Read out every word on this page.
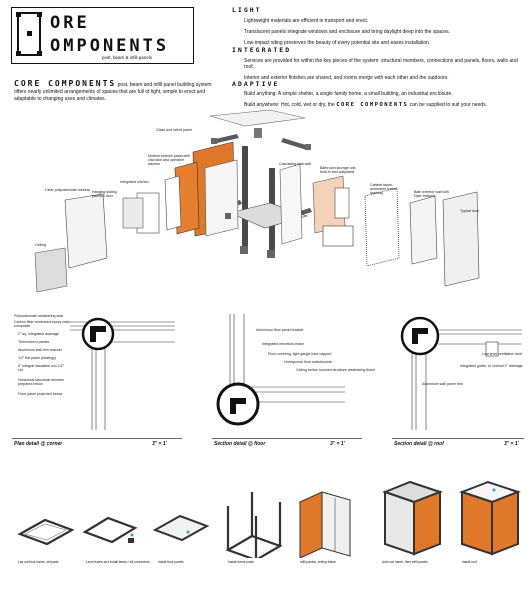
ORE
OMPONENTS
post, beam & infill panels
LIGHT
Lightweight materials are efficient in transport and erect.
Translucent panels integrate windows and enclosure and bring daylight deep into the spaces.
Low-impact siting preserves the beauty of every potential site and eases installation.
INTEGRATED
Services are provided for within the key pieces of the system: structural members, connections and panels, floors, walls and roof.
Interior and exterior finishes are shared, and rooms merge with each other and the outdoors.
ADAPTIVE
Build anything: A simple shelter, a single family home, a small building, an industrial enclosure.
Build anywhere: Hot, cold, wet or dry, the CORE COMPONENTS can be supplied to suit your needs.
CORE COMPONENTS post, beam and infill panel building system offers nearly unlimited arrangements of spaces that are full of light, simple to erect and adaptable to changing uses and climates.
Glass and laterd panel
Modest exterior panel with clad skin and operable window
Integrated kitchen
Clear polycarbonate window Hanging sliding partition door
Ceiling
Cascading stair wall
Bathroom storage unit, built-in and adaptable
Cabinet faces, aluminium frame drawing	Bath exterior wall with Dyer-Haskell
Typical door
Polycarbonate weathering seal
Carbon fiber reinforced epoxy resin composite
2" sq. integrated drainage
Thermoform panels
Aluminium wall trim bracket
1/2" flat panel (strategy)
3" integral insulation w/o 1/2" cut
Horizontal structural member prepared below
Floor panel projected below
Plan detail @ corner	3" = 1'
Aluminium floor panel bracket
Integrated electrical chase
Floor covering, light gauge tube-capped
Honeycomb floor substructure
Ceiling below, smoked structure weathering finish
Section detail @ floor	3" = 1'
Low level ventilation brief
Integrated gutter, to vertical 3" drainage
Aluminium wall panel trim
Section detail @ roof	3" = 1'
Lay out floor frame, set pads	Level frame and install beam / sill connectors	Install floor panels	Install frame posts	Infill panels, ceiling frame	Add roof frame, then infill panels	Install roof
